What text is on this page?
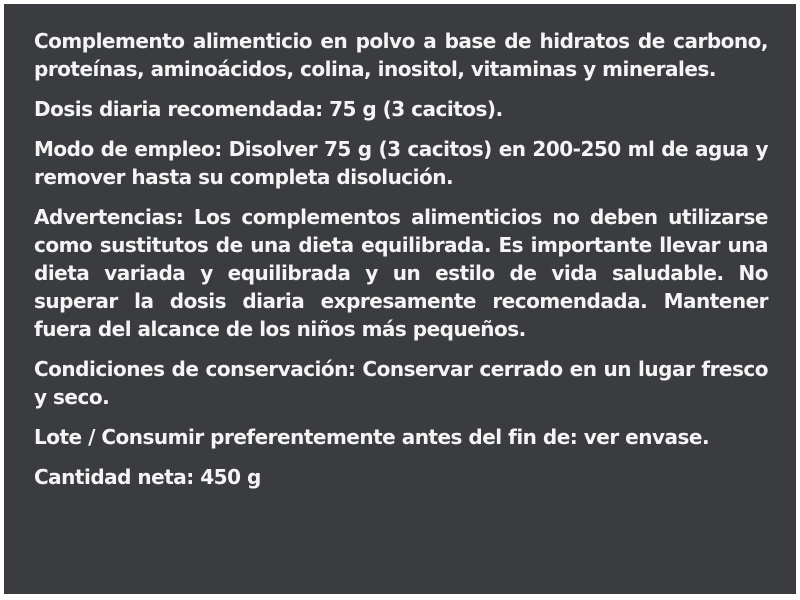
Complemento alimenticio en polvo a base de hidratos de carbono, proteínas, aminoácidos, colina, inositol, vitaminas y minerales.

Dosis diaria recomendada: 75 g (3 cacitos).

Modo de empleo: Disolver 75 g (3 cacitos) en 200-250 ml de agua y remover hasta su completa disolución.

Advertencias: Los complementos alimenticios no deben utilizarse como sustitutos de una dieta equilibrada. Es importante llevar una dieta variada y equilibrada y un estilo de vida saludable. No superar la dosis diaria expresamente recomendada. Mantener fuera del alcance de los niños más pequeños.

Condiciones de conservación: Conservar cerrado en un lugar fresco y seco.

Lote / Consumir preferentemente antes del fin de: ver envase.

Cantidad neta: 450 g
